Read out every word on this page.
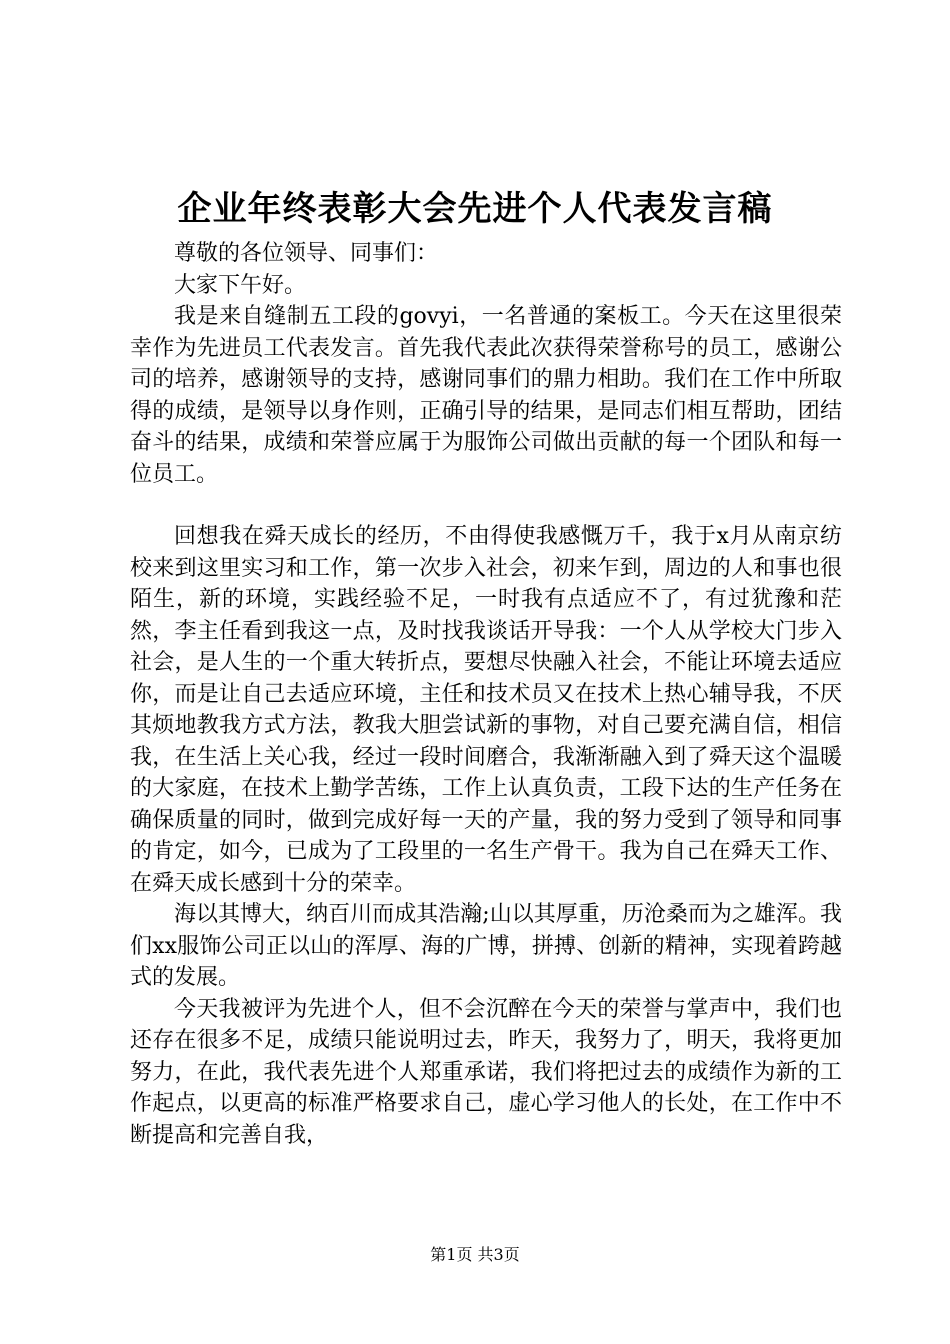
企业年终表彰大会先进个人代表发言稿

尊敬的各位领导、同事们：

大家下午好。

我是来自缝制五工段的govyi，一名普通的案板工。今天在这里很荣幸作为先进员工代表发言。首先我代表此次获得荣誉称号的员工，感谢公司的培养，感谢领导的支持，感谢同事们的鼎力相助。我们在工作中所取得的成绩，是领导以身作则，正确引导的结果，是同志们相互帮助，团结奋斗的结果，成绩和荣誉应属于为服饰公司做出贡献的每一个团队和每一位员工。

回想我在舜天成长的经历，不由得使我感慨万千，我于x月从南京纺校来到这里实习和工作，第一次步入社会，初来乍到，周边的人和事也很陌生，新的环境，实践经验不足，一时我有点适应不了，有过犹豫和茫然，李主任看到我这一点，及时找我谈话开导我：一个人从学校大门步入社会，是人生的一个重大转折点，要想尽快融入社会，不能让环境去适应你，而是让自己去适应环境，主任和技术员又在技术上热心辅导我，不厌其烦地教我方式方法，教我大胆尝试新的事物，对自己要充满自信，相信我，在生活上关心我，经过一段时间磨合，我渐渐融入到了舜天这个温暖的大家庭，在技术上勤学苦练，工作上认真负责，工段下达的生产任务在确保质量的同时，做到完成好每一天的产量，我的努力受到了领导和同事的肯定，如今，已成为了工段里的一名生产骨干。我为自己在舜天工作、在舜天成长感到十分的荣幸。

海以其博大，纳百川而成其浩瀚;山以其厚重，历沧桑而为之雄浑。我们xx服饰公司正以山的浑厚、海的广博，拼搏、创新的精神，实现着跨越式的发展。

今天我被评为先进个人，但不会沉醉在今天的荣誉与掌声中，我们也还存在很多不足，成绩只能说明过去，昨天，我努力了，明天，我将更加努力，在此，我代表先进个人郑重承诺，我们将把过去的成绩作为新的工作起点，以更高的标准严格要求自己，虚心学习他人的长处，在工作中不断提高和完善自我，

第1页 共3页
